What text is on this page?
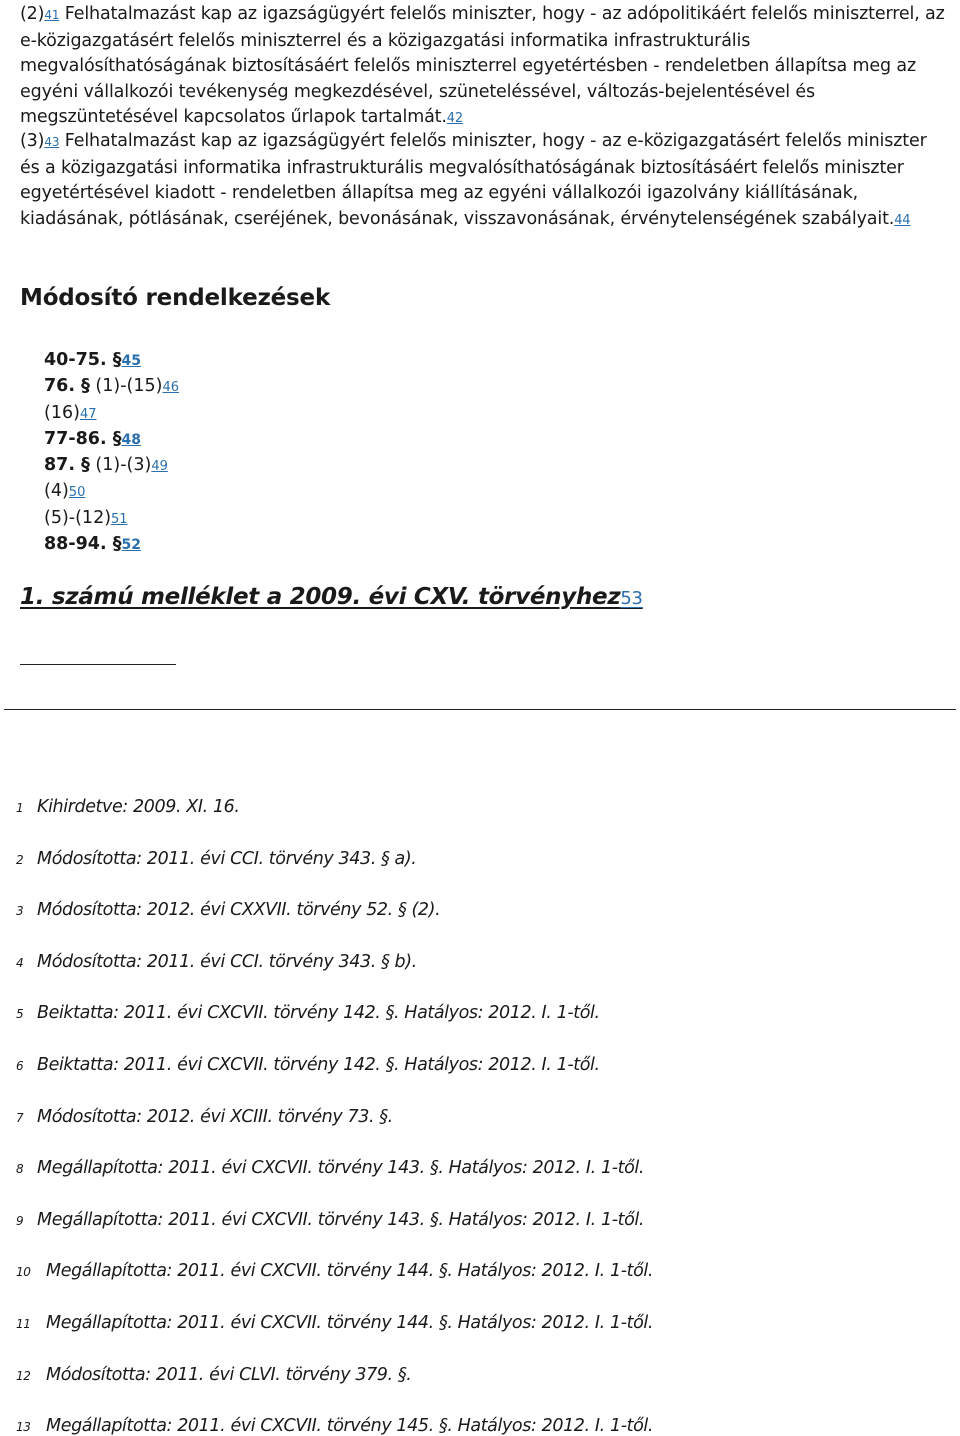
(2)41 Felhatalmazást kap az igazságügyért felelős miniszter, hogy - az adópolitikáért felelős miniszterrel, az e-közigazgatásért felelős miniszterrel és a közigazgatási informatika infrastrukturális megvalósíthatóságának biztosításáért felelős miniszterrel egyetértésben - rendeletben állapítsa meg az egyéni vállalkozói tevékenység megkezdésével, szüneteléssével, változás-bejelentésével és megszüntetésével kapcsolatos űrlapok tartalmát.42
(3)43 Felhatalmazást kap az igazságügyért felelős miniszter, hogy - az e-közigazgatásért felelős miniszter és a közigazgatási informatika infrastrukturális megvalósíthatóságának biztosításáért felelős miniszter egyetértésével kiadott - rendeletben állapítsa meg az egyéni vállalkozói igazolvány kiállításának, kiadásának, pótlásának, cseréjének, bevonásának, visszavonásának, érvénytelenségének szabályait.44
Módosító rendelkezések
40-75. §45
76. § (1)-(15)46
(16)47
77-86. §48
87. § (1)-(3)49
(4)50
(5)-(12)51
88-94. §52
1. számú melléklet a 2009. évi CXV. törvényhez53
1 Kihirdetve: 2009. XI. 16.
2 Módosította: 2011. évi CCI. törvény 343. § a).
3 Módosította: 2012. évi CXXVII. törvény 52. § (2).
4 Módosította: 2011. évi CCI. törvény 343. § b).
5 Beiktatta: 2011. évi CXCVII. törvény 142. §. Hatályos: 2012. I. 1-től.
6 Beiktatta: 2011. évi CXCVII. törvény 142. §. Hatályos: 2012. I. 1-től.
7 Módosította: 2012. évi XCIII. törvény 73. §.
8 Megállapította: 2011. évi CXCVII. törvény 143. §. Hatályos: 2012. I. 1-től.
9 Megállapította: 2011. évi CXCVII. törvény 143. §. Hatályos: 2012. I. 1-től.
10 Megállapította: 2011. évi CXCVII. törvény 144. §. Hatályos: 2012. I. 1-től.
11 Megállapította: 2011. évi CXCVII. törvény 144. §. Hatályos: 2012. I. 1-től.
12 Módosította: 2011. évi CLVI. törvény 379. §.
13 Megállapította: 2011. évi CXCVII. törvény 145. §. Hatályos: 2012. I. 1-től.
